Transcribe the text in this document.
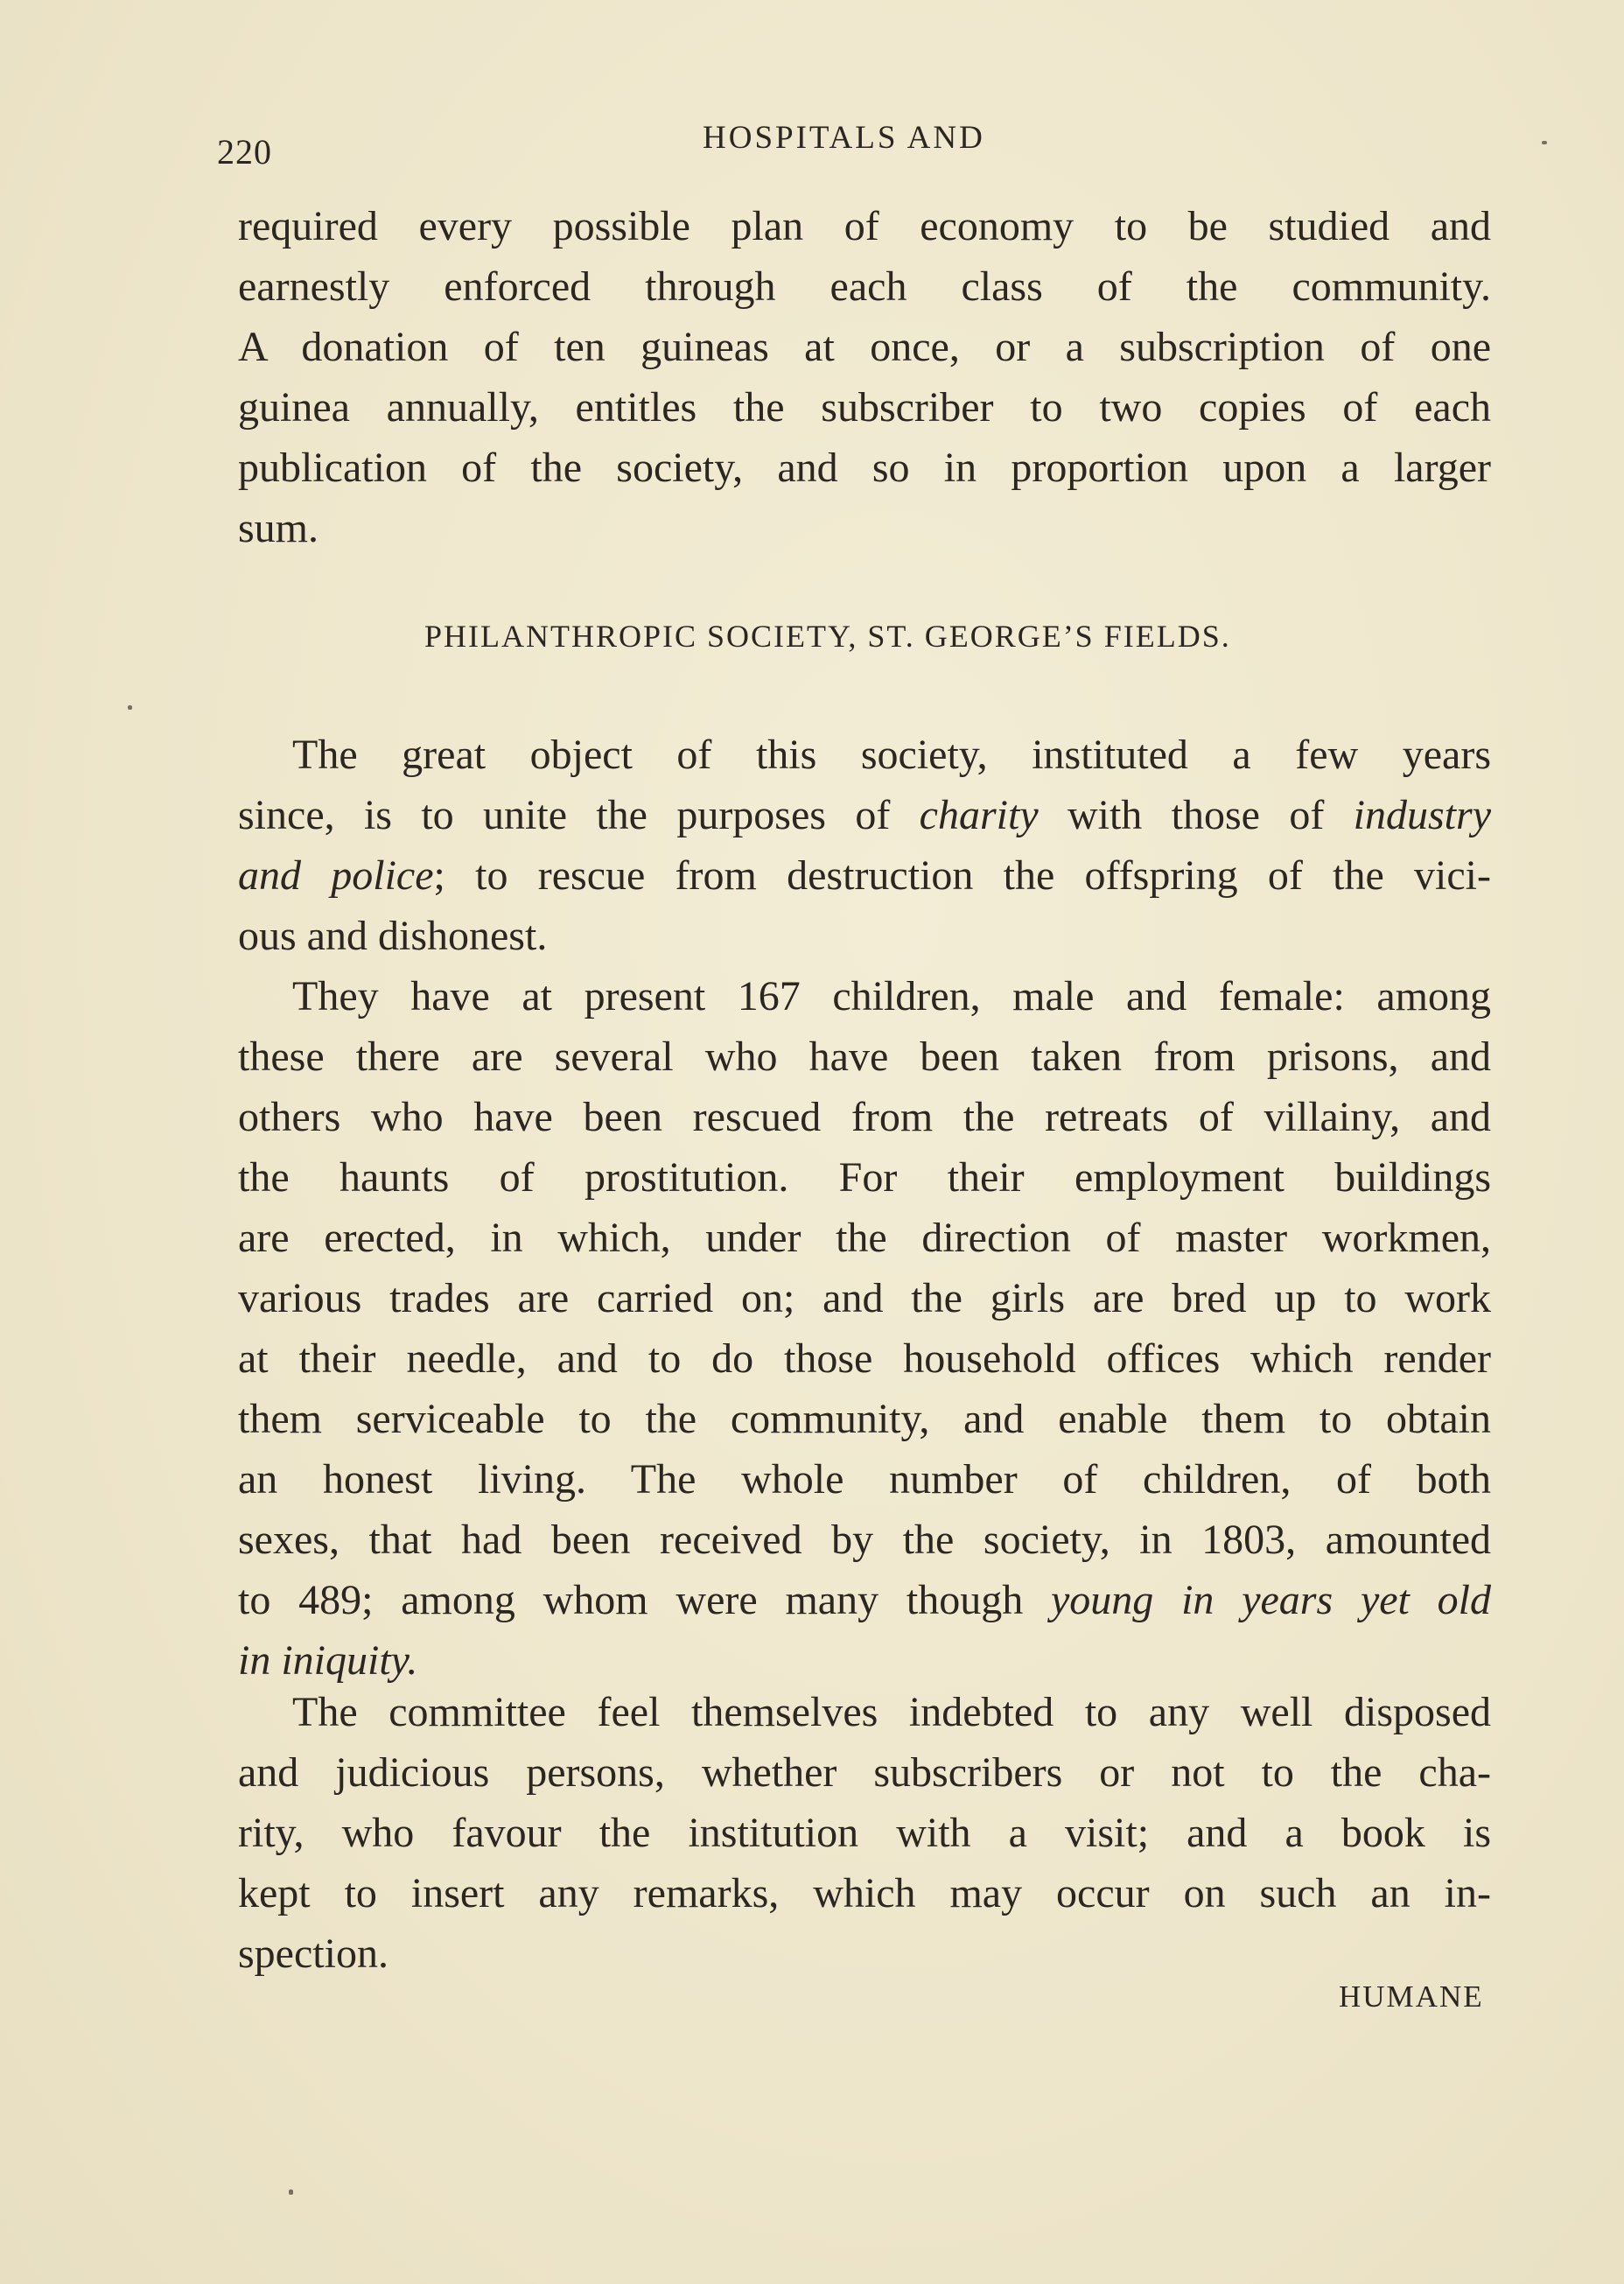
220	HOSPITALS AND
required every possible plan of economy to be studied and
earnestly enforced through each class of the community.
A donation of ten guineas at once, or a subscription of one
guinea annually, entitles the subscriber to two copies of each
publication of the society, and so in proportion upon a larger
sum.
PHILANTHROPIC SOCIETY, ST. GEORGE’S FIELDS.
The great object of this society, instituted a few years
since, is to unite the purposes of charity with those of industry
and police; to rescue from destruction the offspring of the vici-
ous and dishonest.
They have at present 167 children, male and female: among
these there are several who have been taken from prisons, and
others who have been rescued from the retreats of villainy, and
the haunts of prostitution. For their employment buildings
are erected, in which, under the direction of master workmen,
various trades are carried on; and the girls are bred up to work
at their needle, and to do those household offices which render
them serviceable to the community, and enable them to obtain
an honest living. The whole number of children, of both
sexes, that had been received by the society, in 1803, amounted
to 489; among whom were many though young in years yet old
in iniquity.
The committee feel themselves indebted to any well disposed
and judicious persons, whether subscribers or not to the cha-
rity, who favour the institution with a visit; and a book is
kept to insert any remarks, which may occur on such an in-
spection.
HUMANE
